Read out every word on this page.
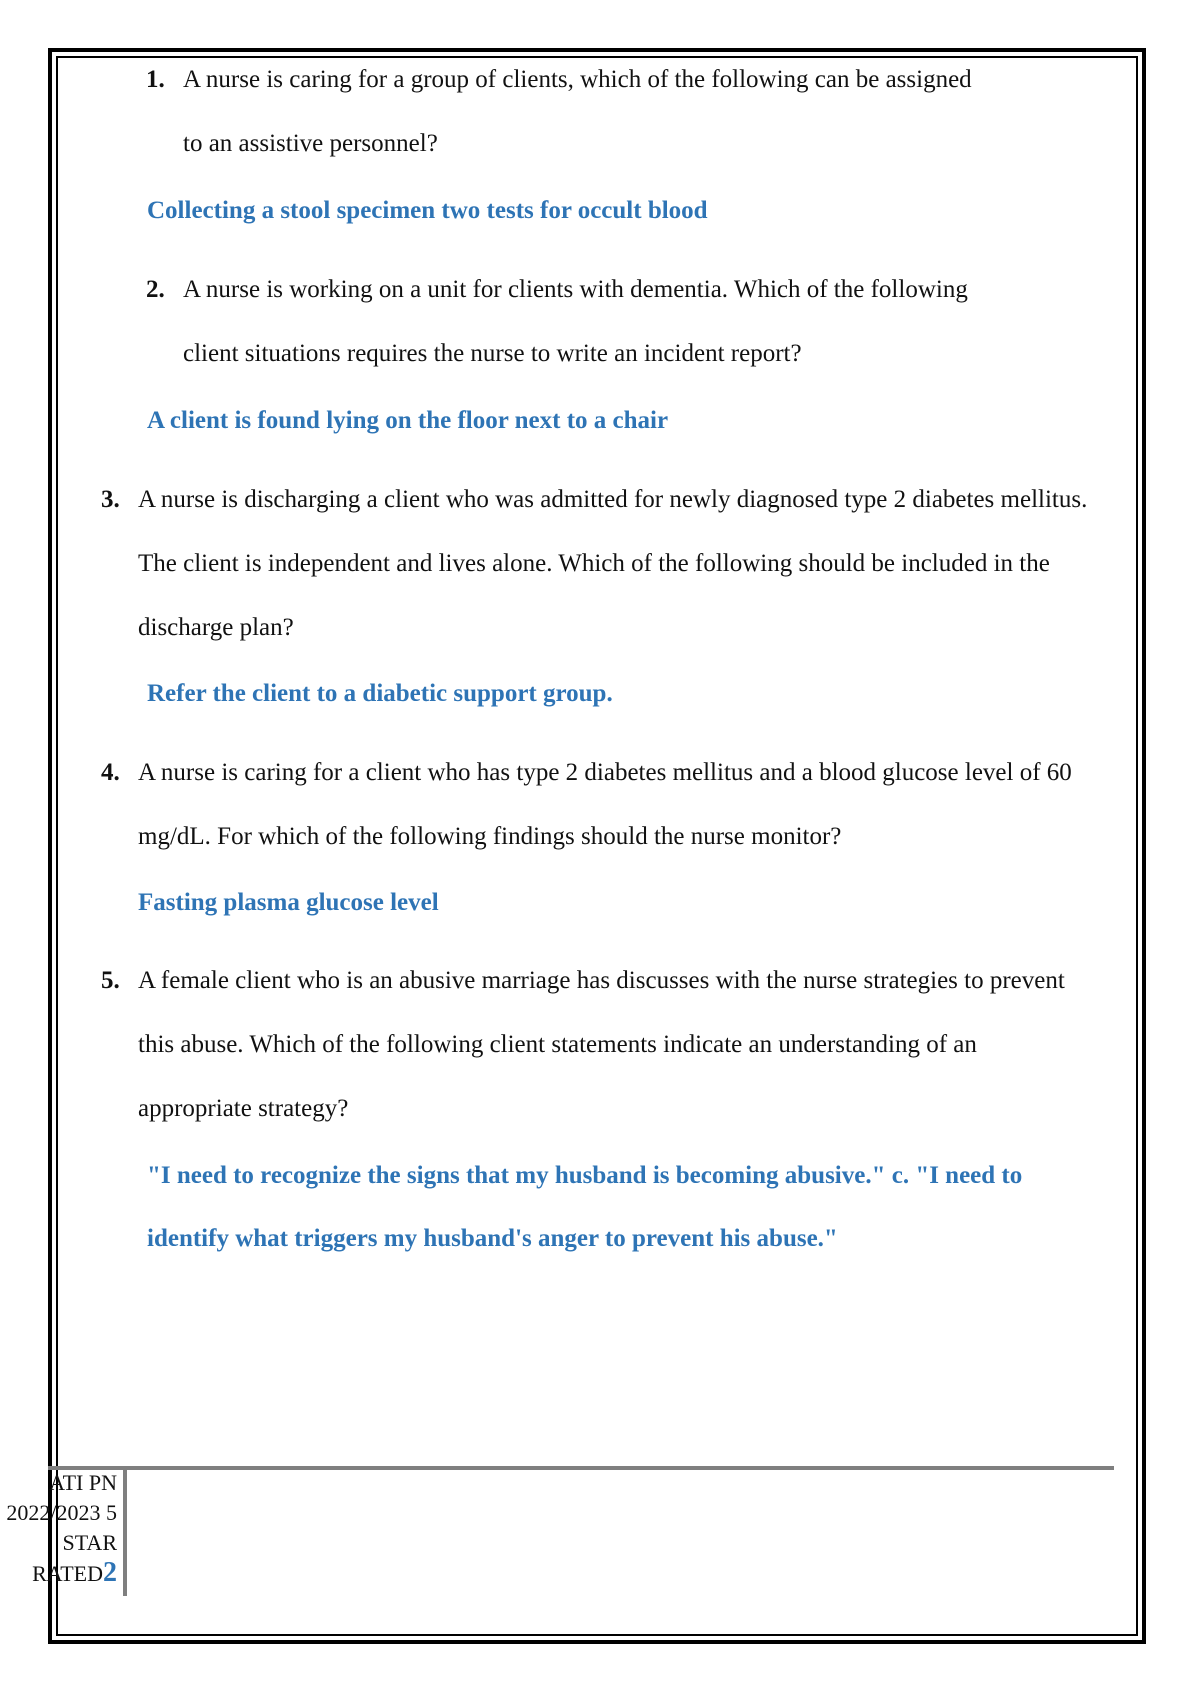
1. A nurse is caring for a group of clients, which of the following can be assigned to an assistive personnel?

Collecting a stool specimen two tests for occult blood

2. A nurse is working on a unit for clients with dementia. Which of the following client situations requires the nurse to write an incident report?

A client is found lying on the floor next to a chair

3. A nurse is discharging a client who was admitted for newly diagnosed type 2 diabetes mellitus. The client is independent and lives alone. Which of the following should be included in the discharge plan?

Refer the client to a diabetic support group.

4. A nurse is caring for a client who has type 2 diabetes mellitus and a blood glucose level of 60 mg/dL. For which of the following findings should the nurse monitor?

Fasting plasma glucose level

5. A female client who is an abusive marriage has discusses with the nurse strategies to prevent this abuse. Which of the following client statements indicate an understanding of an appropriate strategy?

"I need to recognize the signs that my husband is becoming abusive." c. "I need to identify what triggers my husband's anger to prevent his abuse."

ATI PN 2022/2023 5 STAR RATED2
